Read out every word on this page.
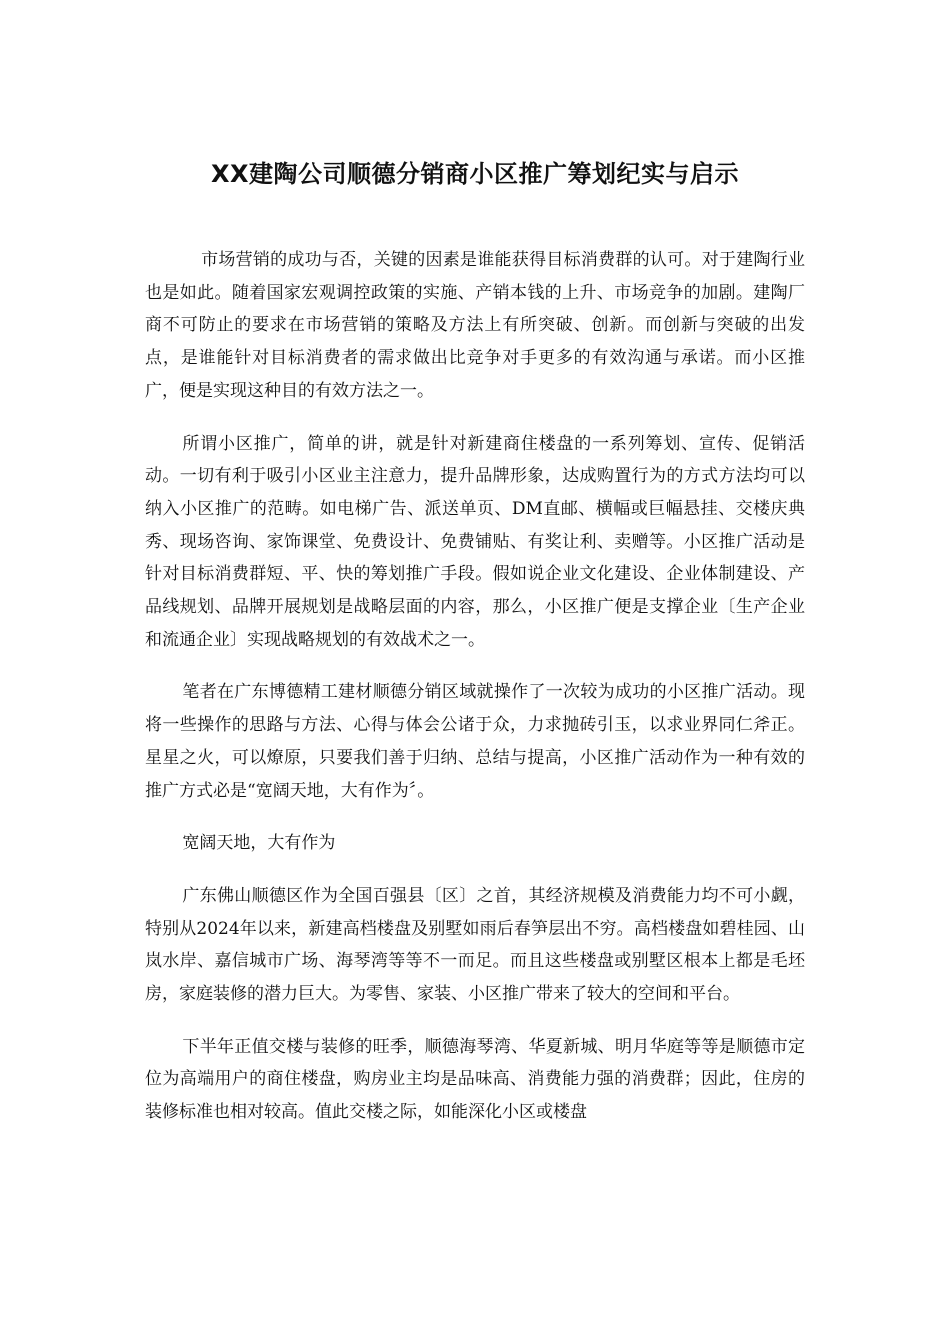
XX建陶公司顺德分销商小区推广筹划纪实与启示

市场营销的成功与否，关键的因素是谁能获得目标消费群的认可。对于建陶行业也是如此。随着国家宏观调控政策的实施、产销本钱的上升、市场竞争的加剧。建陶厂商不可防止的要求在市场营销的策略及方法上有所突破、创新。而创新与突破的出发点，是谁能针对目标消费者的需求做出比竞争对手更多的有效沟通与承诺。而小区推广，便是实现这种目的有效方法之一。

所谓小区推广，简单的讲，就是针对新建商住楼盘的一系列筹划、宣传、促销活动。一切有利于吸引小区业主注意力，提升品牌形象，达成购置行为的方式方法均可以纳入小区推广的范畴。如电梯广告、派送单页、DM直邮、横幅或巨幅悬挂、交楼庆典秀、现场咨询、家饰课堂、免费设计、免费铺贴、有奖让利、卖赠等。小区推广活动是针对目标消费群短、平、快的筹划推广手段。假如说企业文化建设、企业体制建设、产品线规划、品牌开展规划是战略层面的内容，那么，小区推广便是支撑企业〔生产企业和流通企业〕实现战略规划的有效战术之一。

笔者在广东博德精工建材顺德分销区域就操作了一次较为成功的小区推广活动。现将一些操作的思路与方法、心得与体会公诸于众，力求抛砖引玉，以求业界同仁斧正。星星之火，可以燎原，只要我们善于归纳、总结与提高，小区推广活动作为一种有效的推广方式必是“宽阔天地，大有作为〞。

宽阔天地，大有作为

广东佛山顺德区作为全国百强县〔区〕之首，其经济规模及消费能力均不可小觑，特别从2024年以来，新建高档楼盘及别墅如雨后春笋层出不穷。高档楼盘如碧桂园、山岚水岸、嘉信城市广场、海琴湾等等不一而足。而且这些楼盘或别墅区根本上都是毛坯房，家庭装修的潜力巨大。为零售、家装、小区推广带来了较大的空间和平台。

下半年正值交楼与装修的旺季，顺德海琴湾、华夏新城、明月华庭等等是顺德市定位为高端用户的商住楼盘，购房业主均是品味高、消费能力强的消费群；因此，住房的装修标准也相对较高。值此交楼之际，如能深化小区或楼盘
